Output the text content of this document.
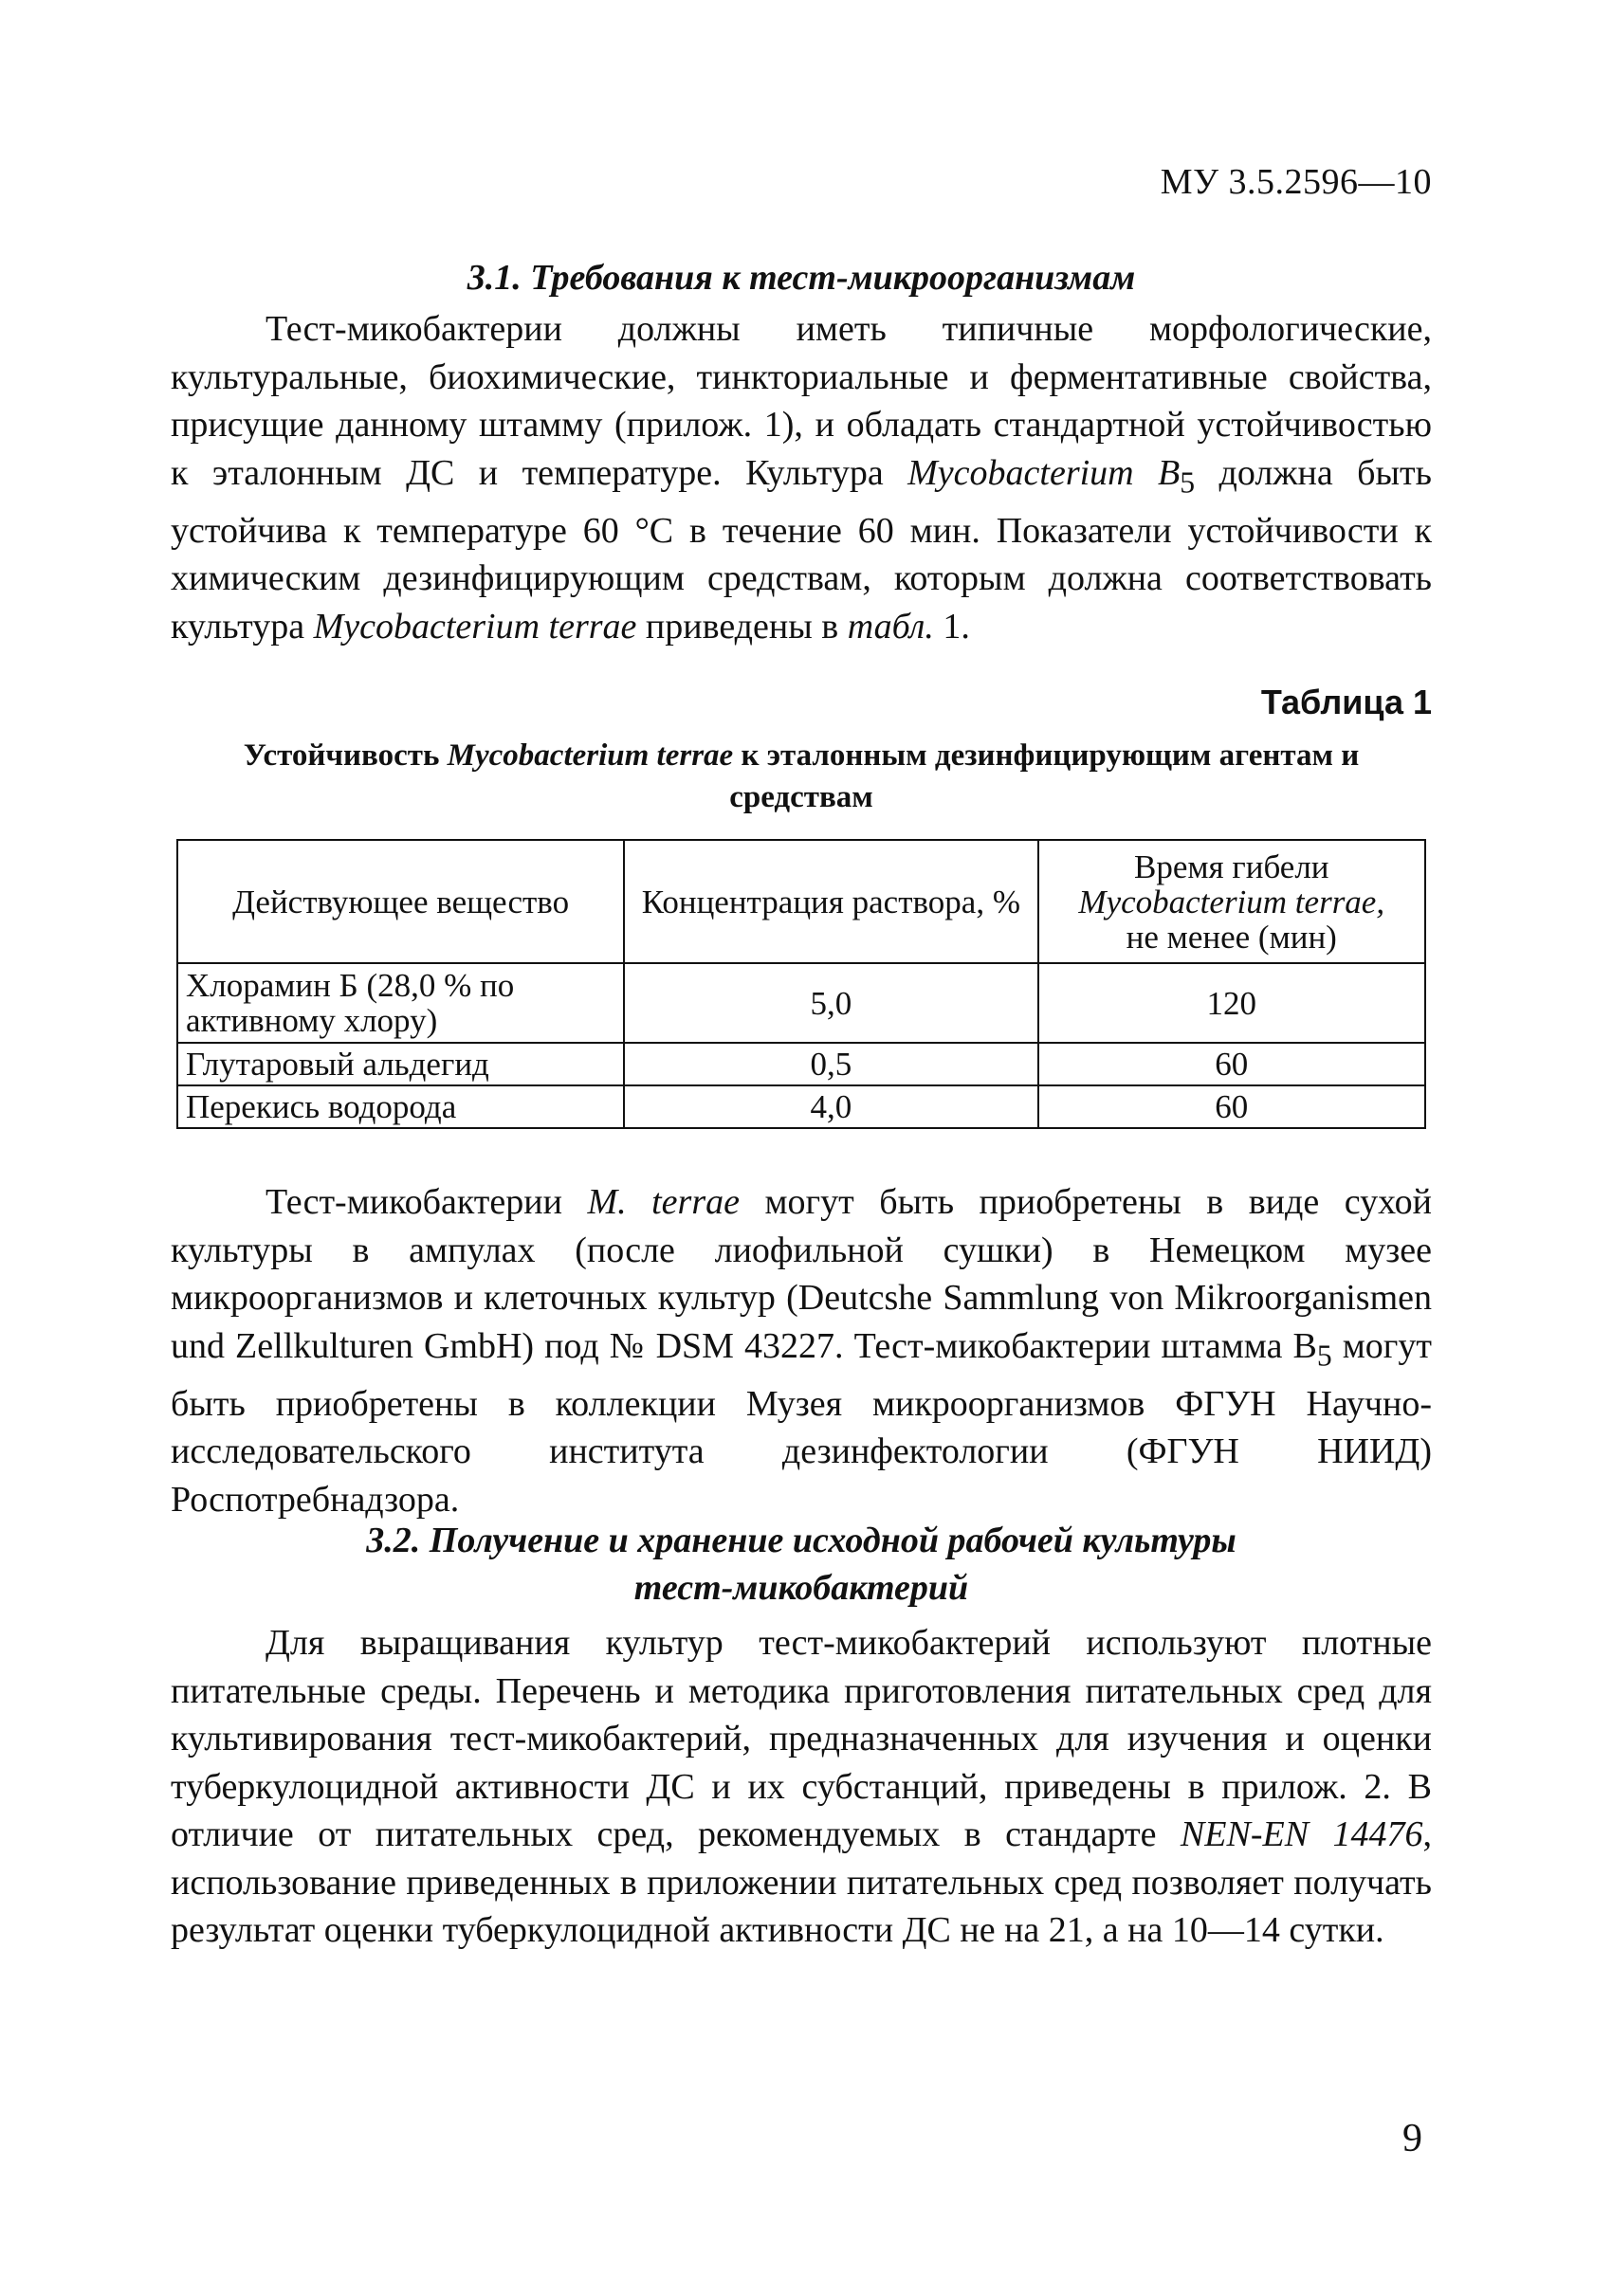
МУ 3.5.2596—10
3.1. Требования к тест-микроорганизмам

Тест-микобактерии должны иметь типичные морфологические, культуральные, биохимические, тинкториальные и ферментативные свойства, присущие данному штамму (прилож. 1), и обладать стандартной устойчивостью к эталонным ДС и температуре. Культура Mycobacterium $B_5$ должна быть устойчива к температуре 60 °С в течение 60 мин. Показатели устойчивости к химическим дезинфицирующим средствам, которым должна соответствовать культура Mycobacterium terrae приведены в табл. 1.

Таблица 1
Устойчивость Mycobacterium terrae к эталонным дезинфицирующим агентам и средствам
Действующее вещество	Концентрация раствора, %	Время гибели Mycobacterium terrae,
не менее (мин)
Хлорамин Б (28,0 % по активному хлору)	5,0	120
Глутаровый альдегид	0,5	60
Перекись водорода	4,0	60

Тест-микобактерии M. terrae могут быть приобретены в виде сухой культуры в ампулах (после лиофильной сушки) в Немецком музее микроорганизмов и клеточных культур (Deutcshe Sammlung von Mikroorganismen und Zellkulturen GmbH) под № DSM 43227. Тест-микобактерии штамма $В_5$ могут быть приобретены в коллекции Музея микроорганизмов ФГУН Научно-исследовательского института дезинфектологии (ФГУН НИИД) Роспотребнадзора.

3.2. Получение и хранение исходной рабочей культуры
тест-микобактерий

Для выращивания культур тест-микобактерий используют плотные питательные среды. Перечень и методика приготовления питательных сред для культивирования тест-микобактерий, предназначенных для изучения и оценки туберкулоцидной активности ДС и их субстанций, приведены в прилож. 2. В отличие от питательных сред, рекомендуемых в стандарте NEN-EN 14476, использование приведенных в приложении питательных сред позволяет получать результат оценки туберкулоцидной активности ДС не на 21, а на 10—14 сутки.

9
